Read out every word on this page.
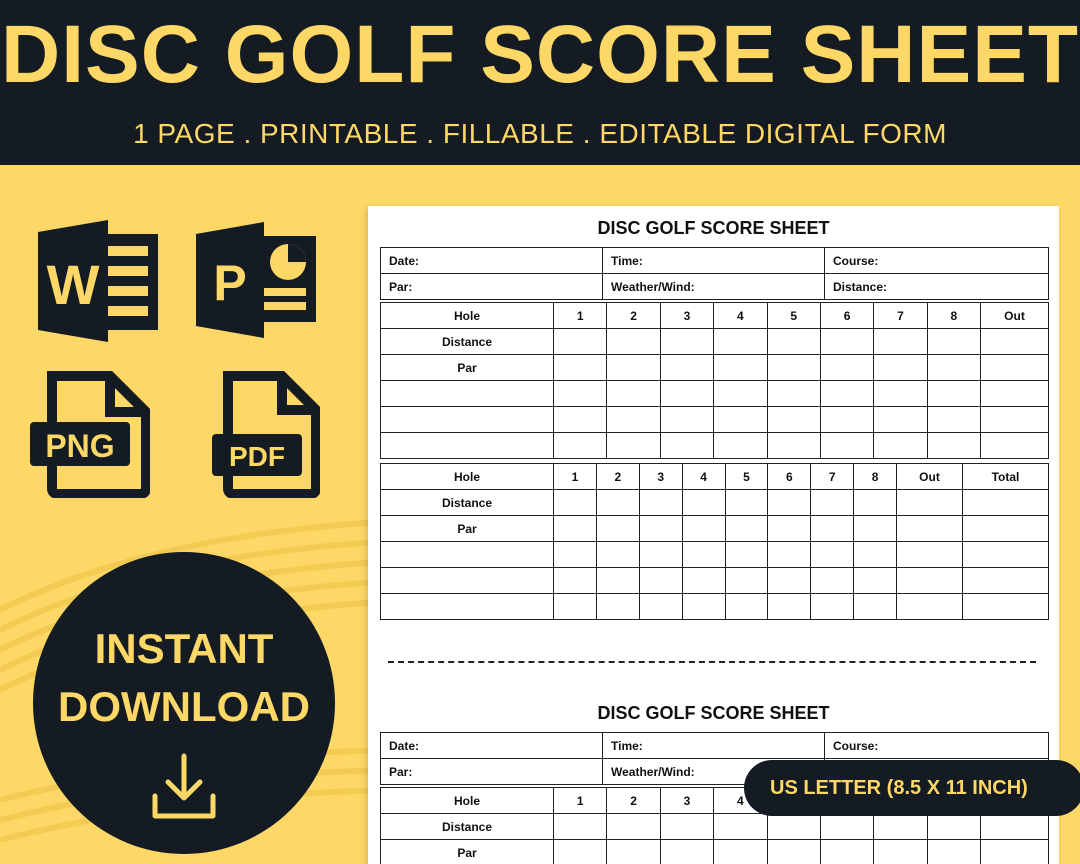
DISC GOLF SCORE SHEET
1 PAGE . PRINTABLE . FILLABLE . EDITABLE DIGITAL FORM
W P
PNG	PDF
INSTANT
DOWNLOAD
DISC GOLF SCORE SHEET
Date:	Time:	Course:
Par:	Weather/Wind:	Distance:
Hole	1	2	3	4	5	6	7	8	Out
Distance									
Par									

Hole	1	2	3	4	5	6	7	8	Out	Total
Distance										
Par										

DISC GOLF SCORE SHEET
Date:	Time:	Course:
Par:	Weather/Wind:	
Hole	1	2	3	4					
Distance									
Par									
US LETTER (8.5 X 11 INCH)
